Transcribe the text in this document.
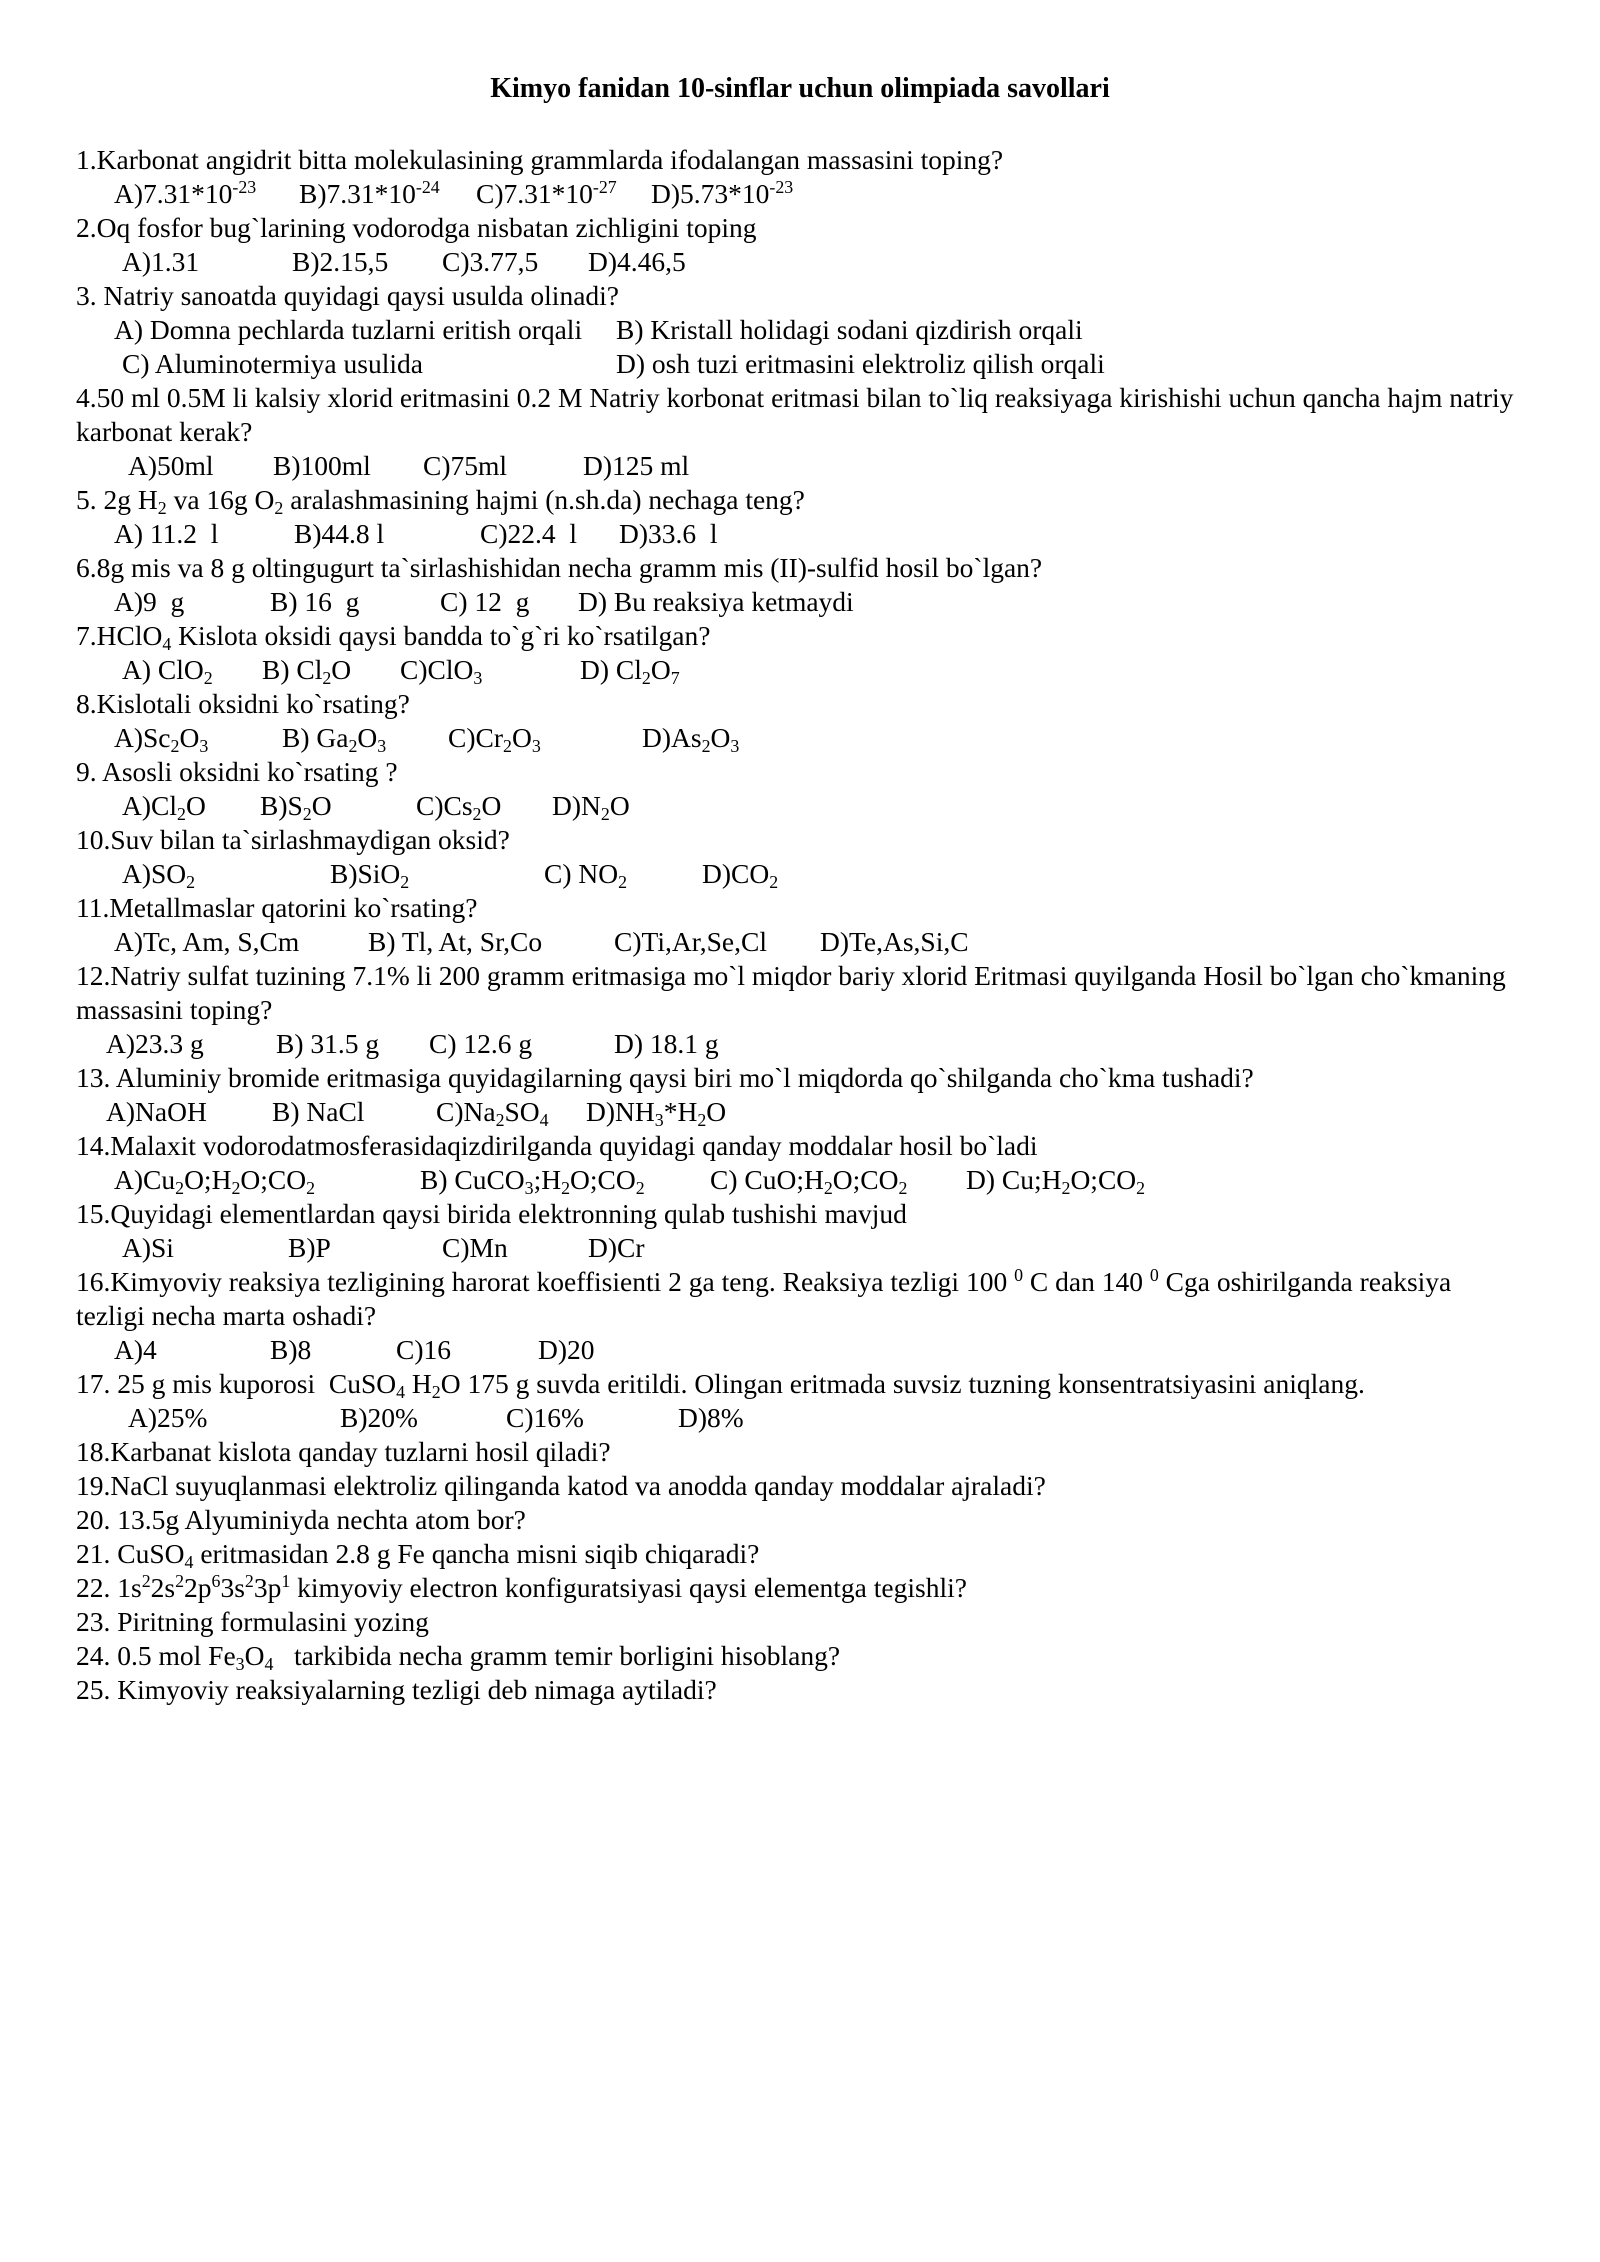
Kimyo fanidan 10-sinflar uchun olimpiada savollari
1.Karbonat angidrit bitta molekulasining grammlarda ifodalangan massasini toping?
$A)7.31*10^{-23}$ $B)7.31*10^{-24}$ $C)7.31*10^{-27}$ $D)5.73*10^{-23}$
2.Oq fosfor bug`larining vodorodga nisbatan zichligini toping
A)1.31	B)2.15,5 C)3.77,5 D)4.46,5
3. Natriy sanoatda quyidagi qaysi usulda olinadi?
A) Domna pechlarda tuzlarni eritish orqali B) Kristall holidagi sodani qizdirish orqali
C) Aluminotermiya usulida	D) osh tuzi eritmasini elektroliz qilish orqali
4.50 ml 0.5M li kalsiy xlorid eritmasini 0.2 M Natriy korbonat eritmasi bilan to`liq reaksiyaga kirishishi uchun qancha hajm natriy karbonat kerak?
A)50ml B)100ml C)75ml	D)125 ml
5. 2g $H_2$ va 16g $O_2$ aralashmasining hajmi (n.sh.da) nechaga teng?
A) 11.2  l	B)44.8 l	C)22.4  l D)33.6  l
6.8g mis va 8 g oltingugurt ta`sirlashishidan necha gramm mis (II)-sulfid hosil bo`lgan?
A)9  g	B) 16  g	C) 12  g D) Bu reaksiya ketmaydi
7.HClO$_4$ Kislota oksidi qaysi bandda to`g`ri ko`rsatilgan?
A) ClO$_2$ B) $Cl_2O$ C)ClO$_3$	D) $Cl_2O_7$
8.Kislotali oksidni ko`rsating?
$A)Sc_2O_3$	B) $Ga_2O_3$ $C)Cr_2O_3$	$D)As_2O_3$
9. Asosli oksidni ko`rsating ?
$A)Cl_2O$ $B)S_2O$	$C)Cs_2O$ $D)N_2O$
10.Suv bilan ta`sirlashmaydigan oksid?
$A)SO_2$	B)SiO$_2$	C) $NO_2$	$D)CO_2$
11.Metallmaslar qatorini ko`rsating?
A)Tc, Am, S,Cm	B) Tl, At, Sr,Co	C)Ti,Ar,Se,Cl D)Te,As,Si,C
12.Natriy sulfat tuzining 7.1% li 200 gramm eritmasiga mo`l miqdor bariy xlorid Eritmasi quyilganda Hosil bo`lgan cho`kmaning massasini toping?
A)23.3 g	B) 31.5 g C) 12.6 g	D) 18.1 g
13. Aluminiy bromide eritmasiga quyidagilarning qaysi biri mo`l miqdorda qo`shilganda cho`kma tushadi?
A)NaOH B) NaCl	$C)Na_2SO_4$ $D)NH_3*H_2O$
14.Malaxit vodorodatmosferasidaqizdirilganda quyidagi qanday moddalar hosil bo`ladi
$A)Cu_2O;H_2O;CO_2$	B) $CuCO_3;H_2O;CO_2$ C) $CuO;H_2O;CO_2$ D) $Cu;H_2O;CO_2$
15.Quyidagi elementlardan qaysi birida elektronning qulab tushishi mavjud
A)Si	B)P	C)Mn	D)Cr
16.Kimyoviy reaksiya tezligining harorat koeffisienti 2 ga teng. Reaksiya tezligi 100 $^0$ C dan 140 $^0$ Cga oshirilganda reaksiya tezligi necha marta oshadi?
A)4	B)8	C)16	D)20
17. 25 g mis kuporosi  CuSO$_4$ $H_2O$ 175 g suvda eritildi. Olingan eritmada suvsiz tuzning konsentratsiyasini aniqlang.
A)25%	B)20%	C)16%	D)8%
18.Karbanat kislota qanday tuzlarni hosil qiladi?
19.NaCl suyuqlanmasi elektroliz qilinganda katod va anodda qanday moddalar ajraladi?
20. 13.5g Alyuminiyda nechta atom bor?
21. CuSO$_4$ eritmasidan 2.8 g Fe qancha misni siqib chiqaradi?
22. $1s^22s^22p^63s^23p^1$ kimyoviy electron konfiguratsiyasi qaysi elementga tegishli?
23. Piritning formulasini yozing
24. 0.5 mol $Fe_3O_4$   tarkibida necha gramm temir borligini hisoblang?
25. Kimyoviy reaksiyalarning tezligi deb nimaga aytiladi?
